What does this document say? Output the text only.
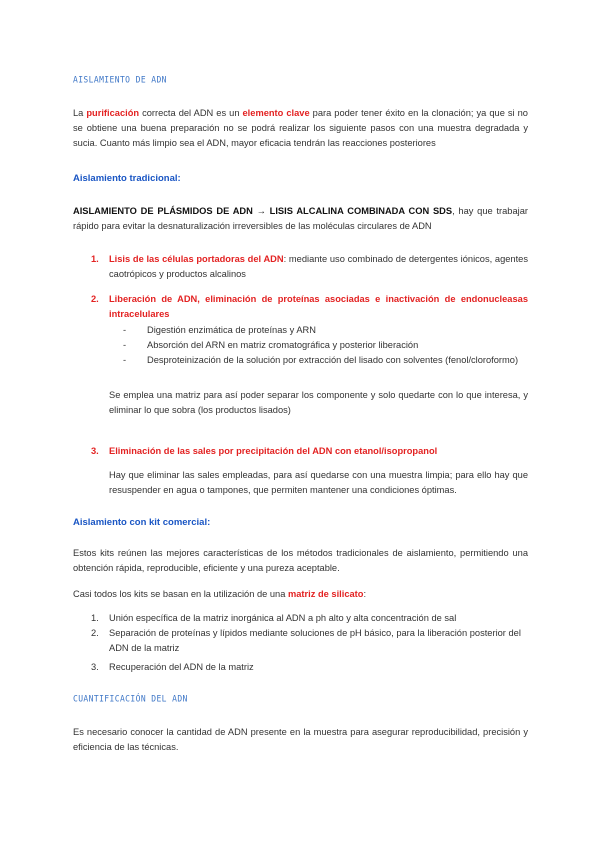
AISLAMIENTO DE ADN
La purificación correcta del ADN es un elemento clave para poder tener éxito en la clonación; ya que si no se obtiene una buena preparación no se podrá realizar los siguiente pasos con una muestra degradada y sucia. Cuanto más limpio sea el ADN, mayor eficacia tendrán las reacciones posteriores
Aislamiento tradicional:
AISLAMIENTO DE PLÁSMIDOS DE ADN → LISIS ALCALINA COMBINADA CON SDS, hay que trabajar rápido para evitar la desnaturalización irreversibles de las moléculas circulares de ADN
1. Lisis de las células portadoras del ADN: mediante uso combinado de detergentes iónicos, agentes caotrópicos y productos alcalinos
2. Liberación de ADN, eliminación de proteínas asociadas e inactivación de endonucleasas intracelulares
- Digestión enzimática de proteínas y ARN
- Absorción del ARN en matriz cromatográfica y posterior liberación
- Desproteinización de la solución por extracción del lisado con solventes (fenol/cloroformo)
Se emplea una matriz para así poder separar los componente y solo quedarte con lo que interesa, y eliminar lo que sobra (los productos lisados)
3. Eliminación de las sales por precipitación del ADN con etanol/isopropanol
Hay que eliminar las sales empleadas, para así quedarse con una muestra limpia; para ello hay que resuspender en agua o tampones, que permiten mantener una condiciones óptimas.
Aislamiento con kit comercial:
Estos kits reúnen las mejores características de los métodos tradicionales de aislamiento, permitiendo una obtención rápida, reproducible, eficiente y una pureza aceptable.
Casi todos los kits se basan en la utilización de una matriz de silicato:
1. Unión específica de la matriz inorgánica al ADN a ph alto y alta concentración de sal
2. Separación de proteínas y lípidos mediante soluciones de pH básico, para la liberación posterior del ADN de la matriz
3. Recuperación del ADN de la matriz
CUANTIFICACIÓN DEL ADN
Es necesario conocer la cantidad de ADN presente en la muestra para asegurar reproducibilidad, precisión y eficiencia de las técnicas.
